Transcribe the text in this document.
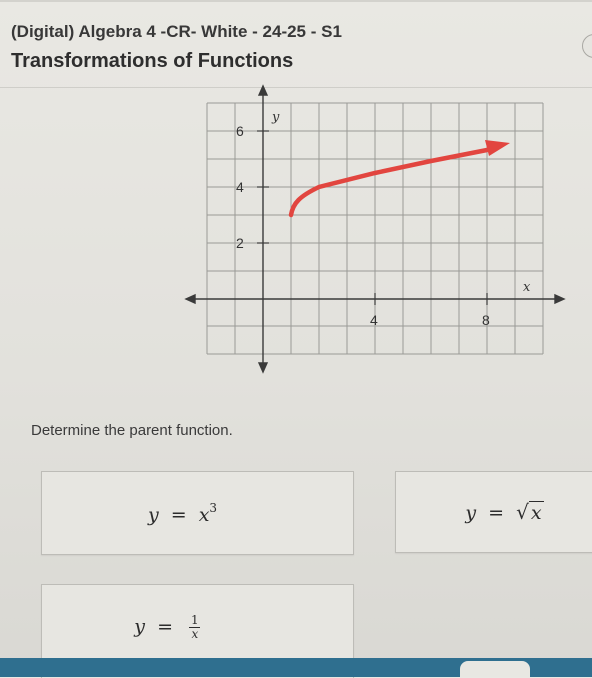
(Digital) Algebra 4 -CR- White - 24-25 - S1
Transformations of Functions
6
4
2
4	8
y
x
Determine the parent function.
$y = x^3$	y = √ x
$y = \frac{1}{x}$
